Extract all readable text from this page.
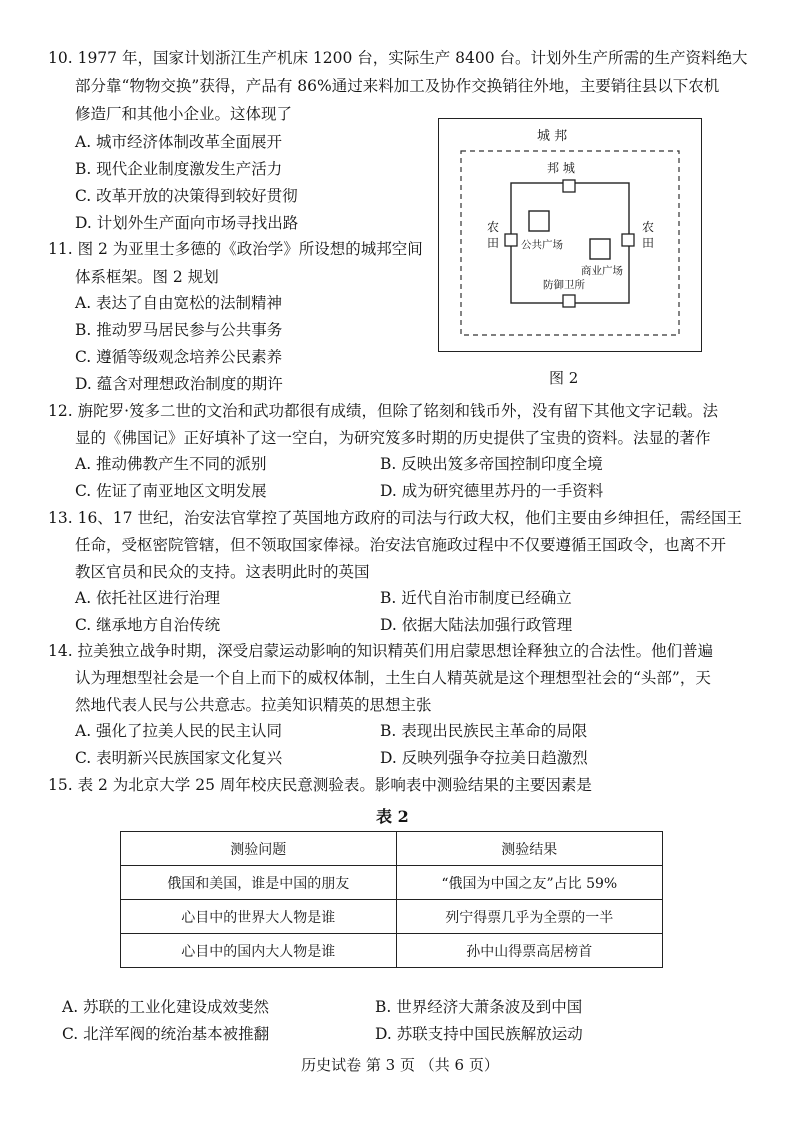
10. 1977 年，国家计划浙江生产机床 1200 台，实际生产 8400 台。计划外生产所需的生产资料绝大
部分靠“物物交换”获得，产品有 86%通过来料加工及协作交换销往外地，主要销往县以下农机
修造厂和其他小企业。这体现了
A. 城市经济体制改革全面展开
B. 现代企业制度激发生产活力
C. 改革开放的决策得到较好贯彻
D. 计划外生产面向市场寻找出路
11. 图 2 为亚里士多德的《政治学》所设想的城邦空间
体系框架。图 2 规划
A. 表达了自由宽松的法制精神
B. 推动罗马居民参与公共事务
C. 遵循等级观念培养公民素养
D. 蕴含对理想政治制度的期许
城 邦
邦 城
农
田
农
田
公共广场
商业广场
防御卫所
图 2
12. 旃陀罗·笈多二世的文治和武功都很有成绩，但除了铭刻和钱币外，没有留下其他文字记载。法
显的《佛国记》正好填补了这一空白，为研究笈多时期的历史提供了宝贵的资料。法显的著作
A. 推动佛教产生不同的派别	B. 反映出笈多帝国控制印度全境
C. 佐证了南亚地区文明发展	D. 成为研究德里苏丹的一手资料
13. 16、17 世纪，治安法官掌控了英国地方政府的司法与行政大权，他们主要由乡绅担任，需经国王
任命，受枢密院管辖，但不领取国家俸禄。治安法官施政过程中不仅要遵循王国政令，也离不开
教区官员和民众的支持。这表明此时的英国
A. 依托社区进行治理	B. 近代自治市制度已经确立
C. 继承地方自治传统	D. 依据大陆法加强行政管理
14. 拉美独立战争时期，深受启蒙运动影响的知识精英们用启蒙思想诠释独立的合法性。他们普遍
认为理想型社会是一个自上而下的威权体制，土生白人精英就是这个理想型社会的“头部”，天
然地代表人民与公共意志。拉美知识精英的思想主张
A. 强化了拉美人民的民主认同	B. 表现出民族民主革命的局限
C. 表明新兴民族国家文化复兴	D. 反映列强争夺拉美日趋激烈
15. 表 2 为北京大学 25 周年校庆民意测验表。影响表中测验结果的主要因素是
表 2
测验问题	测验结果
俄国和美国，谁是中国的朋友	“俄国为中国之友”占比 59%
心目中的世界大人物是谁	列宁得票几乎为全票的一半
心目中的国内大人物是谁	孙中山得票高居榜首
A. 苏联的工业化建设成效斐然	B. 世界经济大萧条波及到中国
C. 北洋军阀的统治基本被推翻	D. 苏联支持中国民族解放运动
历史试卷 第 3 页 （共 6 页）
